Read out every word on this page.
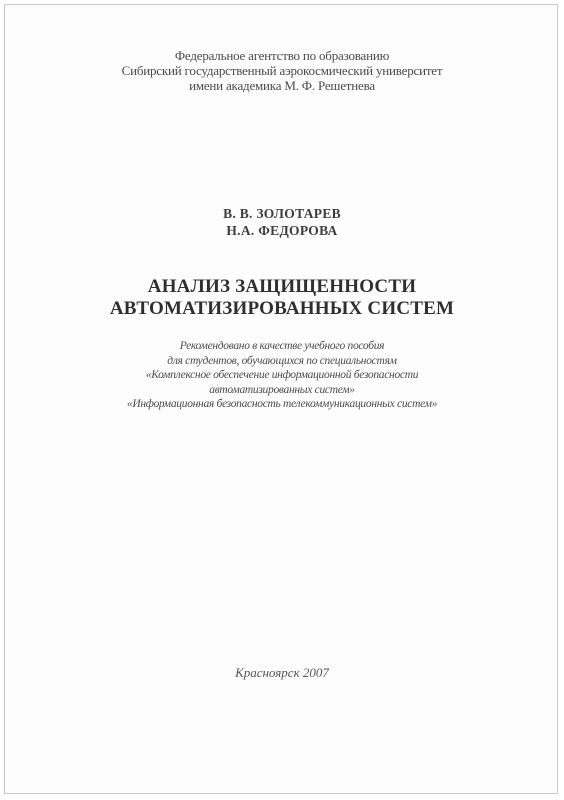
Федеральное агентство по образованию
Сибирский государственный аэрокосмический университет
имени академика М. Ф. Решетнева
В. В. ЗОЛОТАРЕВ
Н.А. ФЕДОРОВА
АНАЛИЗ ЗАЩИЩЕННОСТИ
АВТОМАТИЗИРОВАННЫХ СИСТЕМ
Рекомендовано в качестве учебного пособия
для студентов, обучающихся по специальностям
«Комплексное обеспечение информационной безопасности
автоматизированных систем»
«Информационная безопасность телекоммуникационных систем»
Красноярск 2007
